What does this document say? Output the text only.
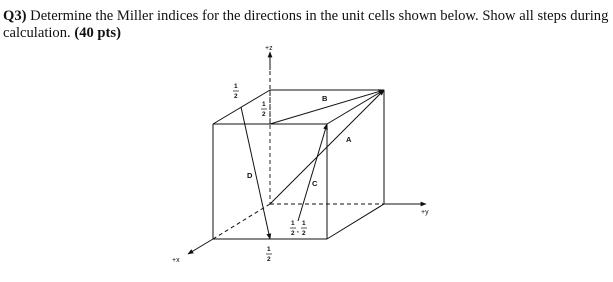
Q3) Determine the Miller indices for the directions in the unit cells shown below. Show all steps during calculation. (40 pts)
+z
+y
+x
B
A
C
D
1
2
1
2
1
2 ,
1
2
1
2
